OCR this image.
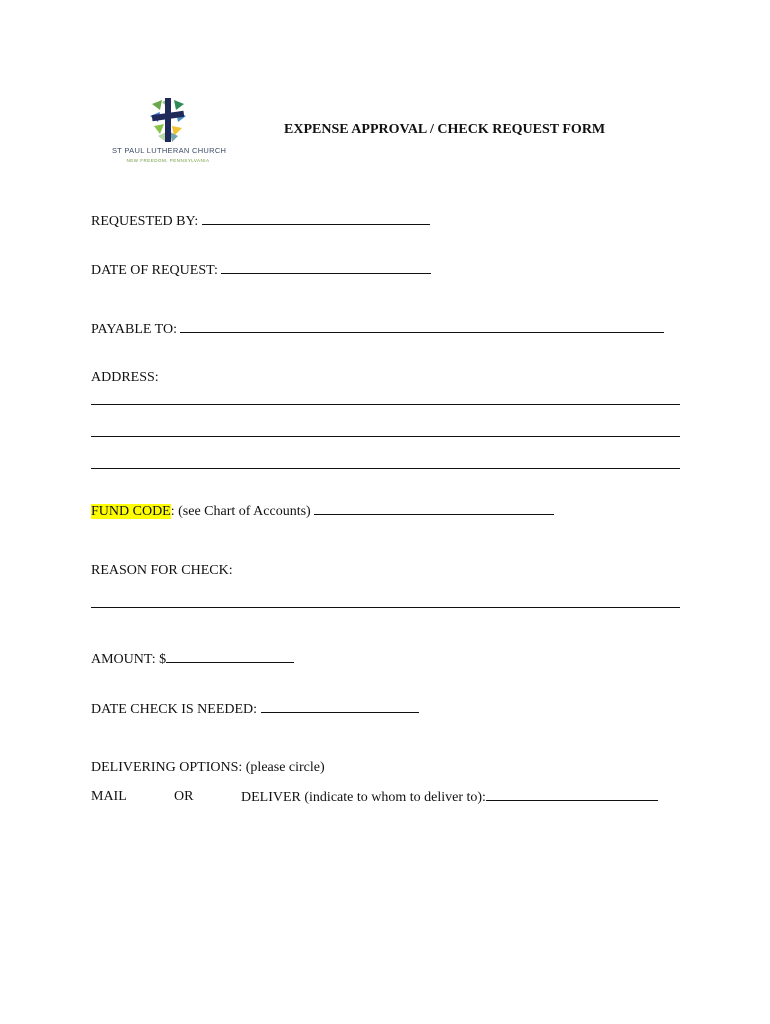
ST PAUL LUTHERAN CHURCH
NEW FREEDOM, PENNSYLVANIA
EXPENSE APPROVAL / CHECK REQUEST FORM
REQUESTED BY:
DATE OF REQUEST:
PAYABLE TO:
ADDRESS:
FUND CODE: (see Chart of Accounts)
REASON FOR CHECK:
AMOUNT: $
DATE CHECK IS NEEDED:
DELIVERING OPTIONS: (please circle)
MAIL	OR	DELIVER (indicate to whom to deliver to):
